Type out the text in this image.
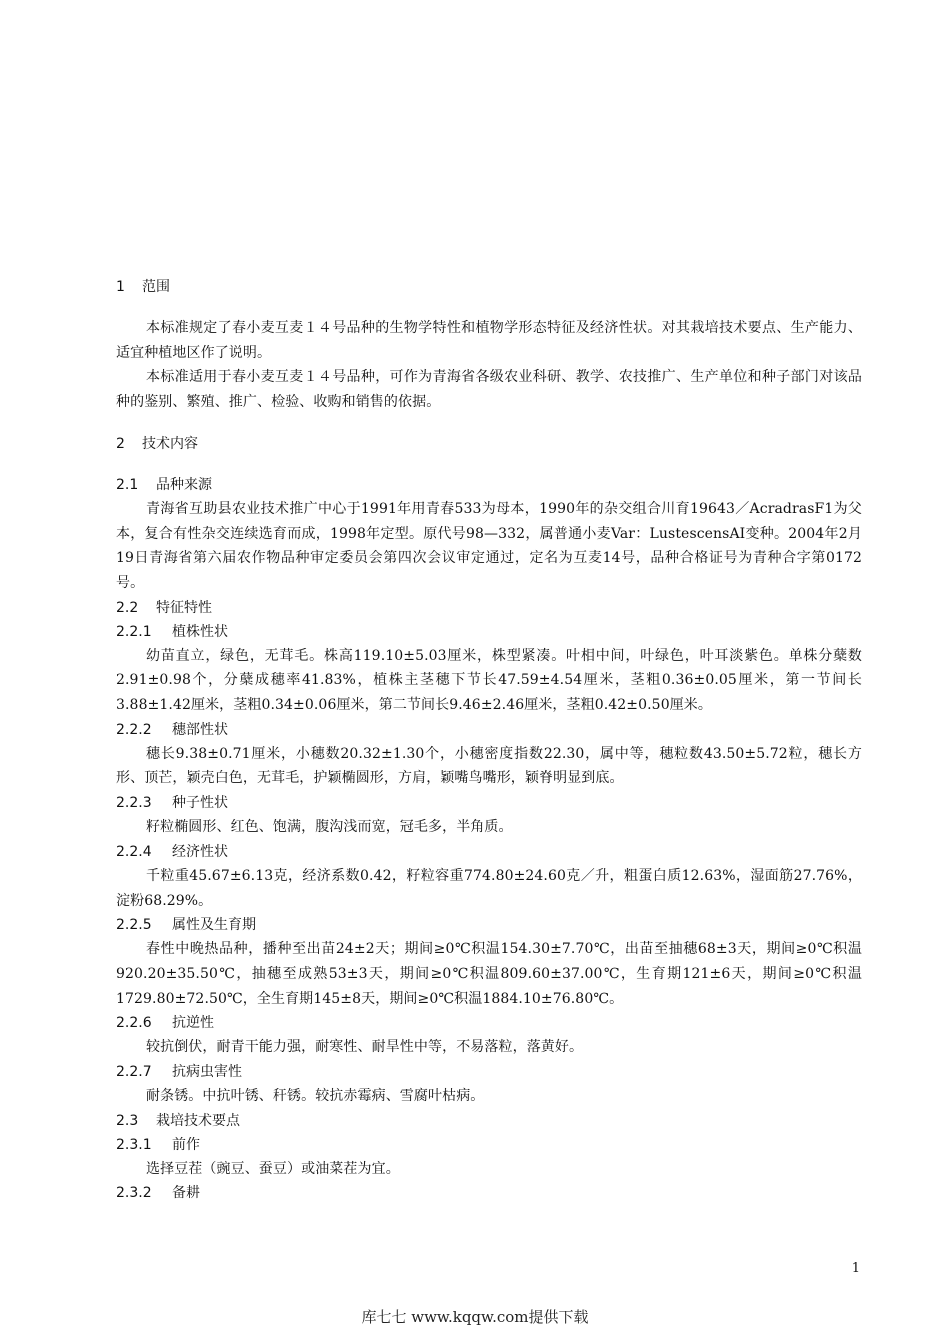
1 范围

本标准规定了春小麦互麦１４号品种的生物学特性和植物学形态特征及经济性状。对其栽培技术要点、生产能力、适宜种植地区作了说明。

本标准适用于春小麦互麦１４号品种，可作为青海省各级农业科研、教学、农技推广、生产单位和种子部门对该品种的鉴别、繁殖、推广、检验、收购和销售的依据。

2 技术内容

2.1 品种来源

青海省互助县农业技术推广中心于1991年用青春533为母本，1990年的杂交组合川育19643／AcradrasF1为父本，复合有性杂交连续选育而成，1998年定型。原代号98—332，属普通小麦Var：LustescensAI变种。2004年2月19日青海省第六届农作物品种审定委员会第四次会议审定通过，定名为互麦14号，品种合格证号为青种合字第0172号。

2.2 特征特性

2.2.1 植株性状

幼苗直立，绿色，无茸毛。株高119.10±5.03厘米，株型紧凑。叶相中间，叶绿色，叶耳淡紫色。单株分蘖数2.91±0.98个，分蘖成穗率41.83%，植株主茎穗下节长47.59±4.54厘米，茎粗0.36±0.05厘米，第一节间长3.88±1.42厘米，茎粗0.34±0.06厘米，第二节间长9.46±2.46厘米，茎粗0.42±0.50厘米。

2.2.2 穗部性状

穗长9.38±0.71厘米，小穗数20.32±1.30个，小穗密度指数22.30，属中等，穗粒数43.50±5.72粒，穗长方形、顶芒，颖壳白色，无茸毛，护颖椭圆形，方肩，颖嘴鸟嘴形，颖脊明显到底。

2.2.3 种子性状

籽粒椭圆形、红色、饱满，腹沟浅而宽，冠毛多，半角质。

2.2.4 经济性状

千粒重45.67±6.13克，经济系数0.42，籽粒容重774.80±24.60克／升，粗蛋白质12.63%，湿面筋27.76%，淀粉68.29%。

2.2.5 属性及生育期

春性中晚热品种，播种至出苗24±2天；期间≥0℃积温154.30±7.70℃，出苗至抽穗68±3天，期间≥0℃积温920.20±35.50℃，抽穗至成熟53±3天，期间≥0℃积温809.60±37.00℃，生育期121±6天，期间≥0℃积温1729.80±72.50℃，全生育期145±8天，期间≥0℃积温1884.10±76.80℃。

2.2.6 抗逆性

较抗倒伏，耐青干能力强，耐寒性、耐旱性中等，不易落粒，落黄好。

2.2.7 抗病虫害性

耐条锈。中抗叶锈、秆锈。较抗赤霉病、雪腐叶枯病。

2.3 栽培技术要点

2.3.1 前作

选择豆茬（豌豆、蚕豆）或油菜茬为宜。

2.3.2 备耕

1
库七七 www.kqqw.com提供下载
